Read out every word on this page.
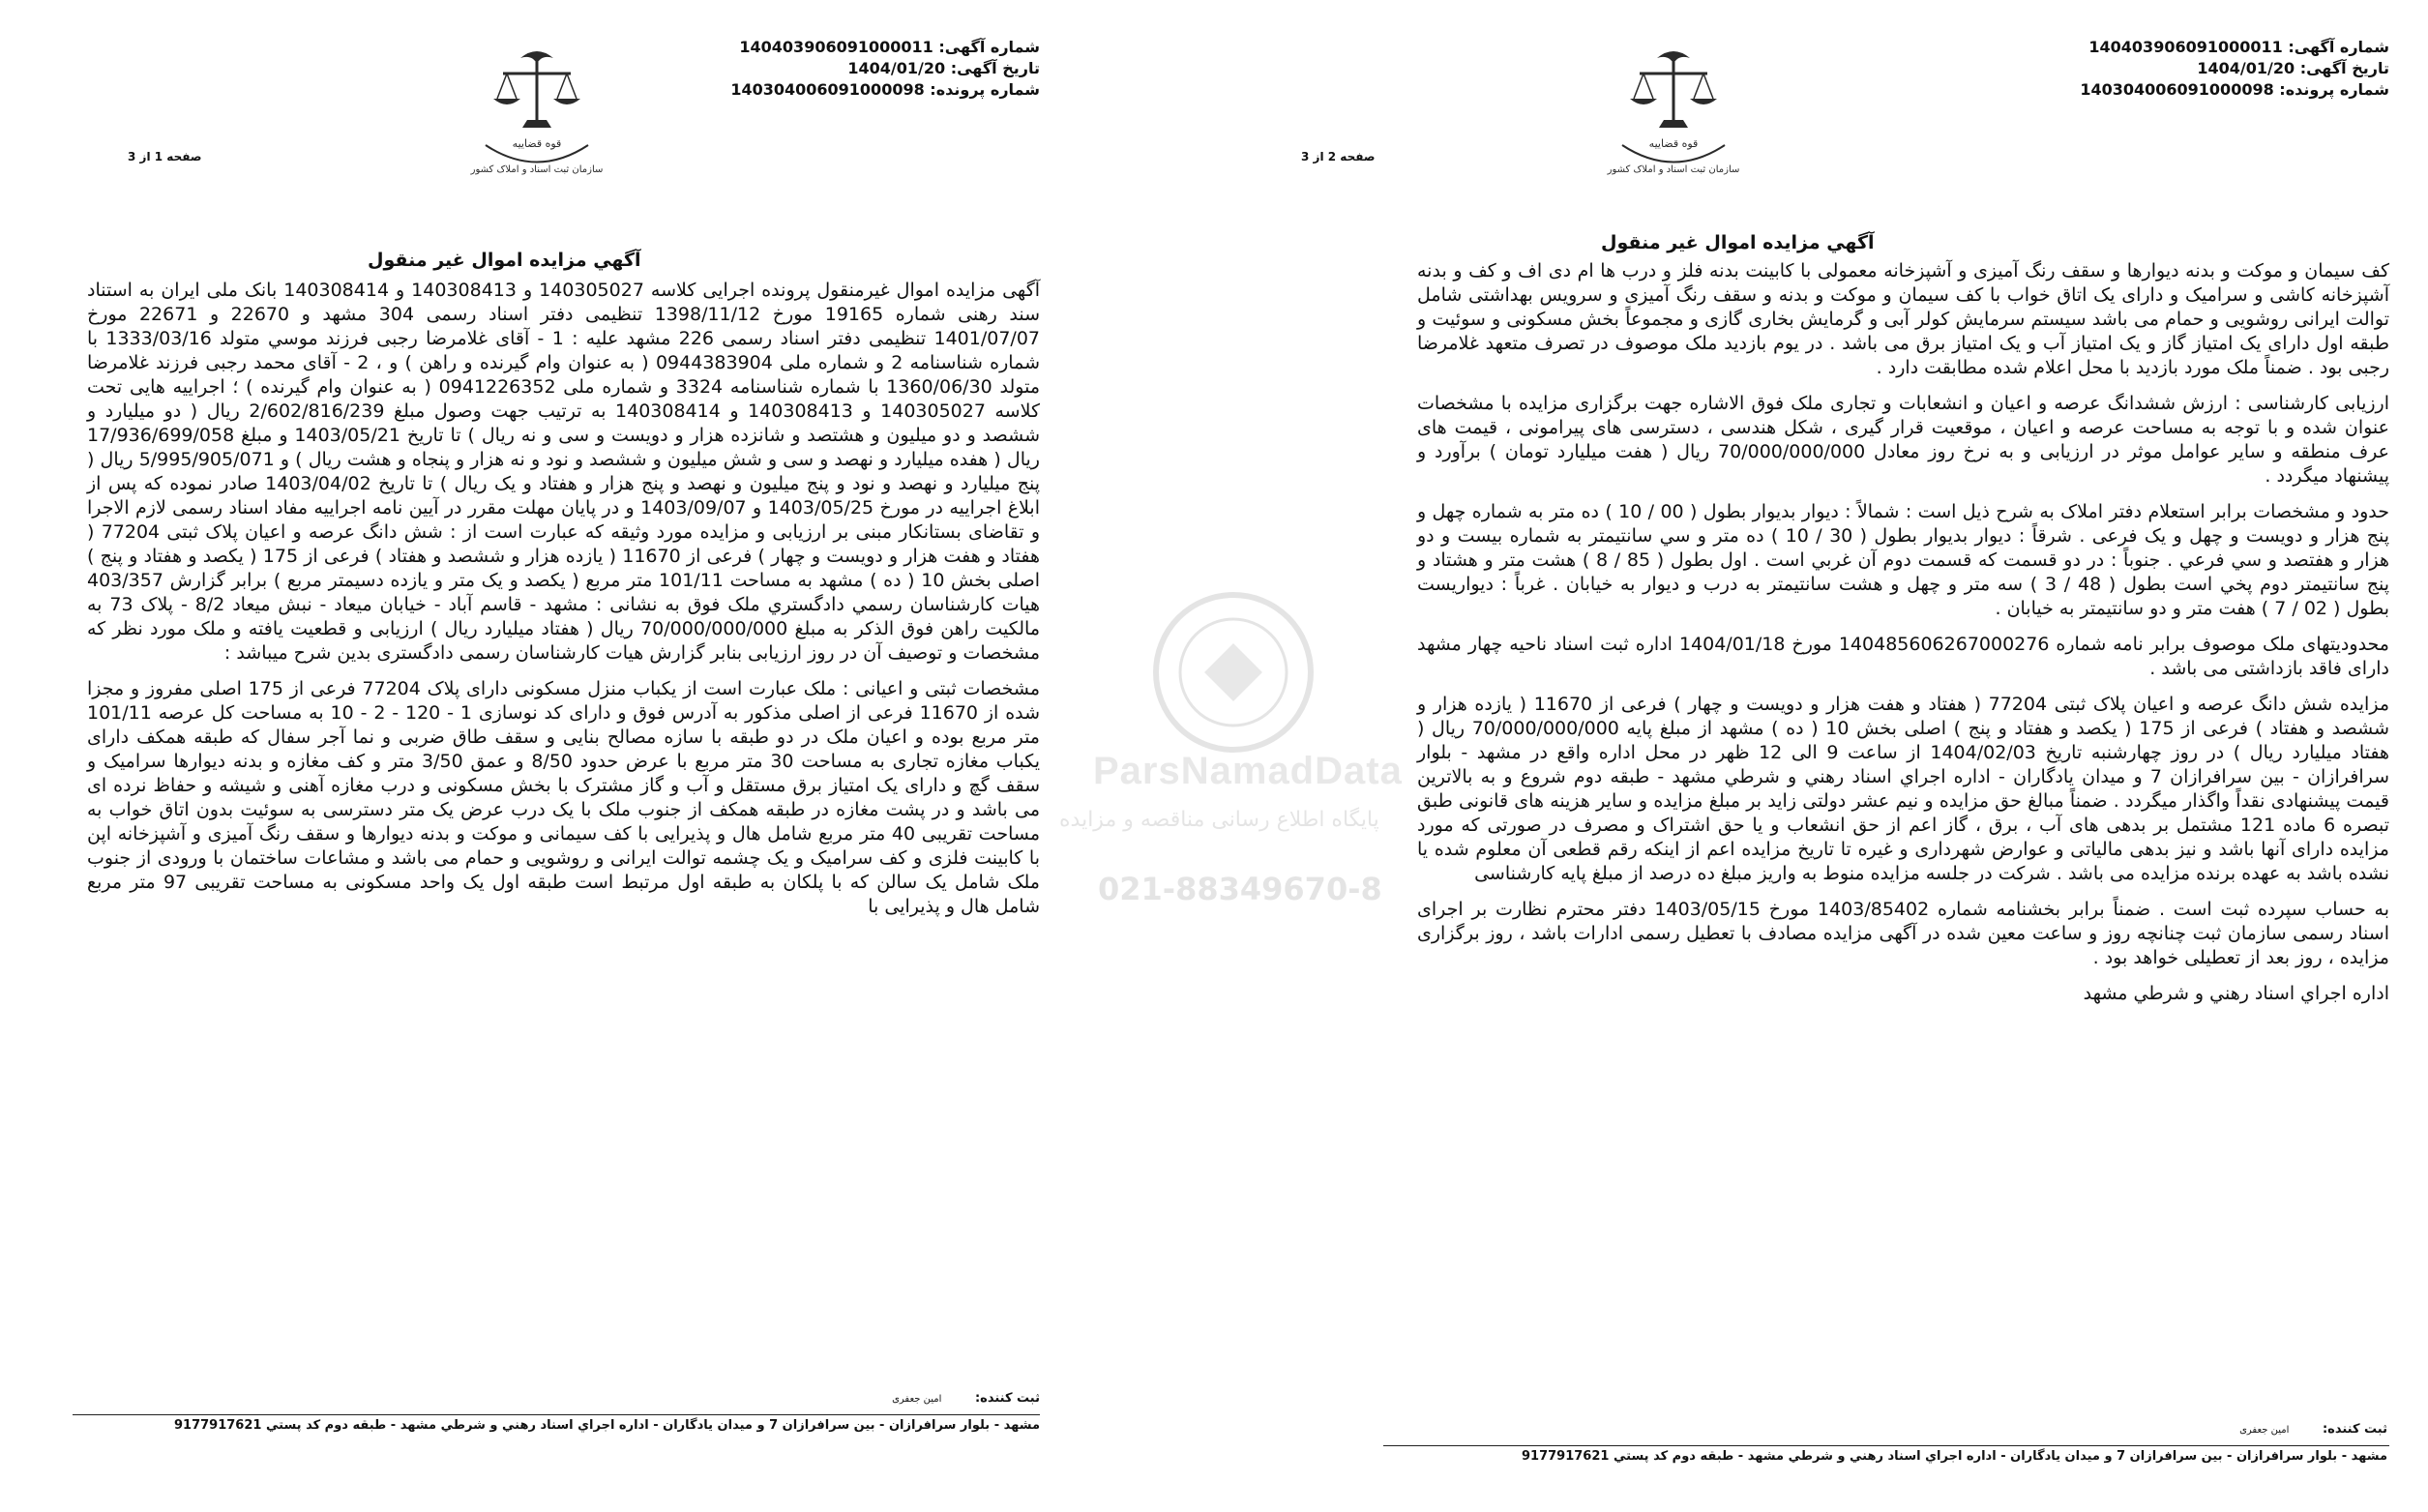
شماره آگهی: 140403906091000011
تاریخ آگهی: 1404/01/20
شماره پرونده: 140304006091000098
قوه قضاییه
سازمان ثبت اسناد و املاک کشور
صفحه 2 از 3
آگهي مزايده اموال غير منقول

كف سيمان و موكت و بدنه ديوارها و سقف رنگ آميزی و آشپزخانه معمولی با كابينت بدنه فلز و درب ها ام دی اف و كف و بدنه آشپزخانه كاشی و سراميک و دارای يک اتاق خواب با كف سيمان و موكت و بدنه و سقف رنگ آميزی و سرويس بهداشتی شامل توالت ايرانی روشويی و حمام می باشد سيستم سرمايش كولر آبی و گرمايش بخاری گازی و مجموعاً بخش مسكونی و سوئيت و طبقه اول دارای يک امتياز گاز و يک امتياز آب و يک امتياز برق می باشد . در يوم بازديد ملک موصوف در تصرف متعهد غلامرضا رجبی بود . ضمناً ملک مورد بازديد با محل اعلام شده مطابقت دارد .

ارزيابی كارشناسی : ارزش ششدانگ عرصه و اعيان و انشعابات و تجاری ملک فوق الاشاره جهت برگزاری مزايده با مشخصات عنوان شده و با توجه به مساحت عرصه و اعيان ، موقعيت قرار گيری ، شكل هندسی ، دسترسی های پيرامونی ، قيمت های عرف منطقه و ساير عوامل موثر در ارزيابی و به نرخ روز معادل 70/000/000/000 ريال ( هفت ميليارد تومان ) برآورد و پيشنهاد ميگردد .

حدود و مشخصات برابر استعلام دفتر املاک به شرح ذيل است : شمالاً : ديوار بديوار بطول ( 00 / 10 ) ده متر به شماره چهل و پنج هزار و دويست و چهل و يک فرعی . شرقاً : ديوار بديوار بطول ( 30 / 10 ) ده متر و سي سانتيمتر به شماره بيست و دو هزار و هفتصد و سي فرعي . جنوباً : در دو قسمت كه قسمت دوم آن غربي است . اول بطول ( 85 / 8 ) هشت متر و هشتاد و پنج سانتيمتر دوم پخي است بطول ( 48 / 3 ) سه متر و چهل و هشت سانتيمتر به درب و ديوار به خيابان . غرباً : ديواريست بطول ( 02 / 7 ) هفت متر و دو سانتيمتر به خيابان .

محدوديتهای ملک موصوف برابر نامه شماره 140485606267000276 مورخ 1404/01/18 اداره ثبت اسناد ناحيه چهار مشهد دارای فاقد بازداشتی می باشد .

مزايده شش دانگ عرصه و اعيان پلاک ثبتی 77204 ( هفتاد و هفت هزار و دويست و چهار ) فرعی از 11670 ( يازده هزار و ششصد و هفتاد ) فرعی از 175 ( يكصد و هفتاد و پنج ) اصلی بخش 10 ( ده ) مشهد از مبلغ پايه 70/000/000/000 ريال ( هفتاد ميليارد ريال ) در روز چهارشنبه تاريخ 1404/02/03 از ساعت 9 الی 12 ظهر در محل اداره واقع در مشهد - بلوار سرافرازان - بين سرافرازان 7 و ميدان يادگاران - اداره اجراي اسناد رهني و شرطي مشهد - طبقه دوم شروع و به بالاترين قيمت پيشنهادی نقداً واگذار ميگردد . ضمناً مبالغ حق مزايده و نيم عشر دولتی زايد بر مبلغ مزايده و ساير هزينه های قانونی طبق تبصره 6 ماده 121 مشتمل بر بدهی های آب ، برق ، گاز اعم از حق انشعاب و يا حق اشتراک و مصرف در صورتی كه مورد مزايده دارای آنها باشد و نيز بدهی مالياتی و عوارض شهرداری و غيره تا تاريخ مزايده اعم از اينكه رقم قطعی آن معلوم شده يا نشده باشد به عهده برنده مزايده می باشد . شركت در جلسه مزايده منوط به واريز مبلغ ده درصد از مبلغ پايه كارشناسی

به حساب سپرده ثبت است . ضمناً برابر بخشنامه شماره 1403/85402 مورخ 1403/05/15 دفتر محترم نظارت بر اجرای اسناد رسمی سازمان ثبت چنانچه روز و ساعت معين شده در آگهی مزايده مصادف با تعطيل رسمی ادارات باشد ، روز برگزاری مزايده ، روز بعد از تعطيلی خواهد بود .

اداره اجراي اسناد رهني و شرطي مشهد

ثبت كننده: امين جعفری
مشهد - بلوار سرافرازان - بين سرافرازان 7 و ميدان يادگاران - اداره اجراي اسناد رهني و شرطي مشهد - طبقه دوم كد پستي 9177917621
شماره آگهی: 140403906091000011
تاریخ آگهی: 1404/01/20
شماره پرونده: 140304006091000098
قوه قضاییه
سازمان ثبت اسناد و املاک کشور
صفحه 1 از 3
آگهي مزايده اموال غير منقول

آگهی مزايده اموال غيرمنقول پرونده اجرايی كلاسه 140305027 و 140308413 و 140308414 بانک ملی ايران به استناد سند رهنی شماره 19165 مورخ 1398/11/12 تنظيمی دفتر اسناد رسمی 304 مشهد و 22670 و 22671 مورخ 1401/07/07 تنظيمی دفتر اسناد رسمی 226 مشهد عليه : 1 - آقای غلامرضا رجبی فرزند موسي متولد 1333/03/16 با شماره شناسنامه 2 و شماره ملی 0944383904 ( به عنوان وام گيرنده و راهن ) و ، 2 - آقای محمد رجبی فرزند غلامرضا متولد 1360/06/30 با شماره شناسنامه 3324 و شماره ملی 0941226352 ( به عنوان وام گيرنده ) ؛ اجراييه هايی تحت كلاسه 140305027 و 140308413 و 140308414 به ترتيب جهت وصول مبلغ 2/602/816/239 ريال ( دو ميليارد و ششصد و دو ميليون و هشتصد و شانزده هزار و دويست و سی و نه ريال ) تا تاريخ 1403/05/21 و مبلغ 17/936/699/058 ريال ( هفده ميليارد و نهصد و سی و شش ميليون و ششصد و نود و نه هزار و پنجاه و هشت ريال ) و 5/995/905/071 ريال ( پنج ميليارد و نهصد و نود و پنج ميليون و نهصد و پنج هزار و هفتاد و يک ريال ) تا تاريخ 1403/04/02 صادر نموده كه پس از ابلاغ اجراييه در مورخ 1403/05/25 و 1403/09/07 و در پايان مهلت مقرر در آيين نامه اجراييه مفاد اسناد رسمی لازم الاجرا و تقاضای بستانكار مبنی بر ارزيابی و مزايده مورد وثيقه كه عبارت است از : شش دانگ عرصه و اعيان پلاک ثبتی 77204 ( هفتاد و هفت هزار و دويست و چهار ) فرعی از 11670 ( يازده هزار و ششصد و هفتاد ) فرعی از 175 ( يكصد و هفتاد و پنج ) اصلی بخش 10 ( ده ) مشهد به مساحت 101/11 متر مربع ( يكصد و يک متر و يازده دسيمتر مربع ) برابر گزارش 403/357 هيات كارشناسان رسمي دادگستري ملک فوق به نشانی : مشهد - قاسم آباد - خيابان ميعاد - نبش ميعاد 8/2 - پلاک 73 به مالكيت راهن فوق الذكر به مبلغ 70/000/000/000 ريال ( هفتاد ميليارد ريال ) ارزيابی و قطعيت يافته و ملک مورد نظر كه مشخصات و توصيف آن در روز ارزيابی بنابر گزارش هيات كارشناسان رسمی دادگستری بدين شرح ميباشد :

مشخصات ثبتی و اعيانی : ملک عبارت است از يكباب منزل مسكونی دارای پلاک 77204 فرعی از 175 اصلی مفروز و مجزا شده از 11670 فرعی از اصلی مذكور به آدرس فوق و دارای كد نوسازی 1 - 120 - 2 - 10 به مساحت كل عرصه 101/11 متر مربع بوده و اعيان ملک در دو طبقه با سازه مصالح بنايی و سقف طاق ضربی و نما آجر سفال كه طبقه همكف دارای يكباب مغازه تجاری به مساحت 30 متر مربع با عرض حدود 8/50 و عمق 3/50 متر و كف مغازه و بدنه ديوارها سراميک و سقف گچ و دارای يک امتياز برق مستقل و آب و گاز مشترک با بخش مسكونی و درب مغازه آهنی و شيشه و حفاظ نرده ای می باشد و در پشت مغازه در طبقه همكف از جنوب ملک با يک درب عرض يک متر دسترسی به سوئيت بدون اتاق خواب به مساحت تقريبی 40 متر مربع شامل هال و پذيرايی با كف سيمانی و موكت و بدنه ديوارها و سقف رنگ آميزی و آشپزخانه اپن با كابينت فلزی و كف سراميک و يک چشمه توالت ايرانی و روشويی و حمام می باشد و مشاعات ساختمان با ورودی از جنوب ملک شامل يک سالن كه با پلكان به طبقه اول مرتبط است طبقه اول يک واحد مسكونی به مساحت تقريبی 97 متر مربع شامل هال و پذيرايی با

ثبت كننده: امين جعفری
مشهد - بلوار سرافرازان - بين سرافرازان 7 و ميدان يادگاران - اداره اجراي اسناد رهني و شرطي مشهد - طبقه دوم كد پستي 9177917621
ParsNamadData
پایگاه اطلاع رسانی مناقصه و مزایده
021-88349670-8
